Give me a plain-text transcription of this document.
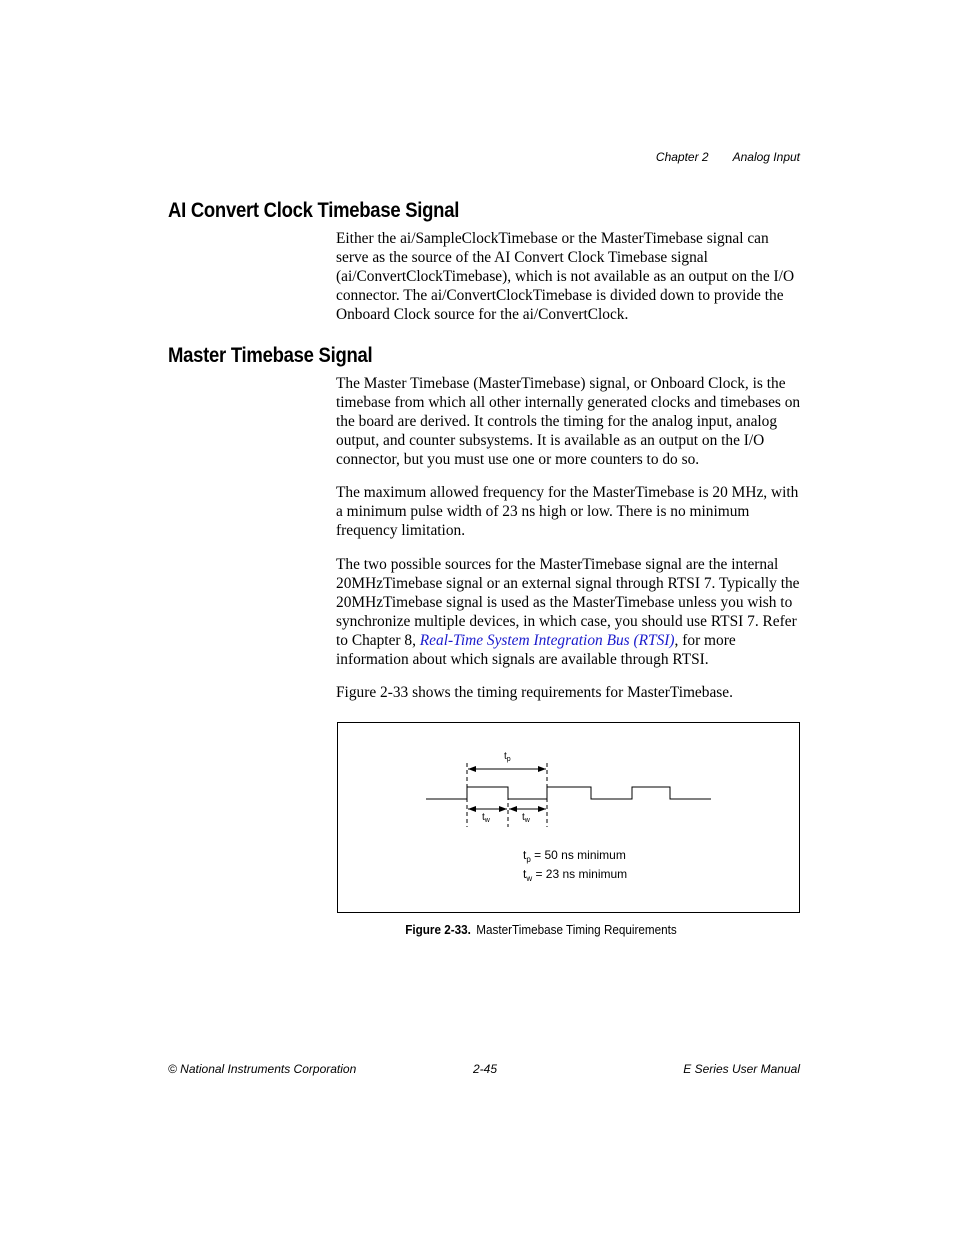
Chapter 2 Analog Input
AI Convert Clock Timebase Signal

Either the ai/SampleClockTimebase or the MasterTimebase signal can serve as the source of the AI Convert Clock Timebase signal (ai/ConvertClockTimebase), which is not available as an output on the I/O connector. The ai/ConvertClockTimebase is divided down to provide the Onboard Clock source for the ai/ConvertClock.

Master Timebase Signal

The Master Timebase (MasterTimebase) signal, or Onboard Clock, is the timebase from which all other internally generated clocks and timebases on the board are derived. It controls the timing for the analog input, analog output, and counter subsystems. It is available as an output on the I/O connector, but you must use one or more counters to do so.

The maximum allowed frequency for the MasterTimebase is 20 MHz, with a minimum pulse width of 23 ns high or low. There is no minimum frequency limitation.

The two possible sources for the MasterTimebase signal are the internal 20MHzTimebase signal or an external signal through RTSI 7. Typically the 20MHzTimebase signal is used as the MasterTimebase unless you wish to synchronize multiple devices, in which case, you should use RTSI 7. Refer to Chapter 8, Real-Time System Integration Bus (RTSI), for more information about which signals are available through RTSI.

Figure 2-33 shows the timing requirements for MasterTimebase.

$t_p$
$t_w$	$t_w$
$t_p = 50$ ns minimum
$t_w = 23$ ns minimum
Figure 2-33. MasterTimebase Timing Requirements
© National Instruments Corporation	2-45	E Series User Manual
